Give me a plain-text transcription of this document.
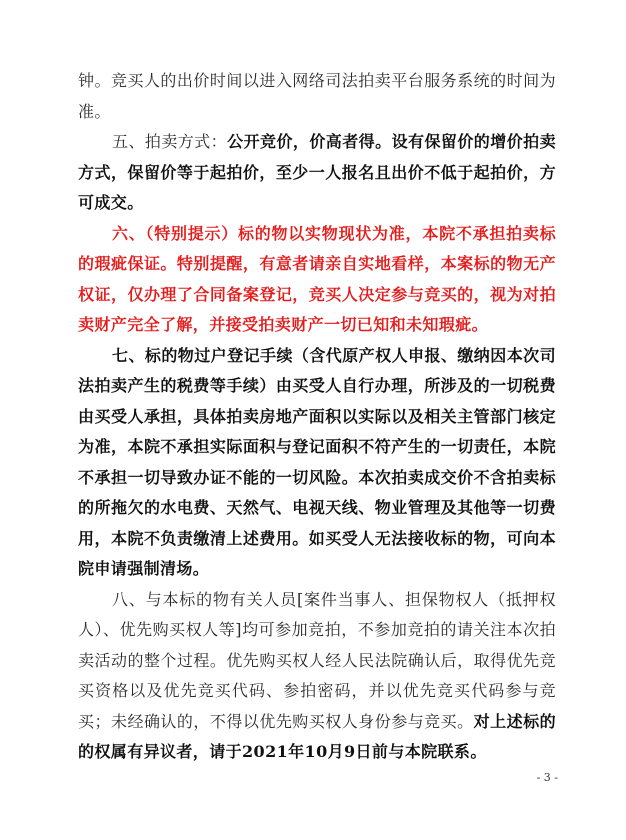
钟。竞买人的出价时间以进入网络司法拍卖平台服务系统的时间为准。

五、拍卖方式：公开竞价，价高者得。设有保留价的增价拍卖方式，保留价等于起拍价，至少一人报名且出价不低于起拍价，方可成交。

六、（特别提示）标的物以实物现状为准，本院不承担拍卖标的瑕疵保证。特别提醒，有意者请亲自实地看样，本案标的物无产权证，仅办理了合同备案登记，竞买人决定参与竞买的，视为对拍卖财产完全了解，并接受拍卖财产一切已知和未知瑕疵。

七、标的物过户登记手续（含代原产权人申报、缴纳因本次司法拍卖产生的税费等手续）由买受人自行办理，所涉及的一切税费由买受人承担，具体拍卖房地产面积以实际以及相关主管部门核定为准，本院不承担实际面积与登记面积不符产生的一切责任，本院不承担一切导致办证不能的一切风险。本次拍卖成交价不含拍卖标的所拖欠的水电费、天然气、电视天线、物业管理及其他等一切费用，本院不负责缴清上述费用。如买受人无法接收标的物，可向本院申请强制清场。

八、与本标的物有关人员[案件当事人、担保物权人（抵押权人）、优先购买权人等]均可参加竞拍，不参加竞拍的请关注本次拍卖活动的整个过程。优先购买权人经人民法院确认后，取得优先竞买资格以及优先竞买代码、参拍密码，并以优先竞买代码参与竞买；未经确认的，不得以优先购买权人身份参与竞买。对上述标的的权属有异议者，请于2021年10月9日前与本院联系。

- 3 -
